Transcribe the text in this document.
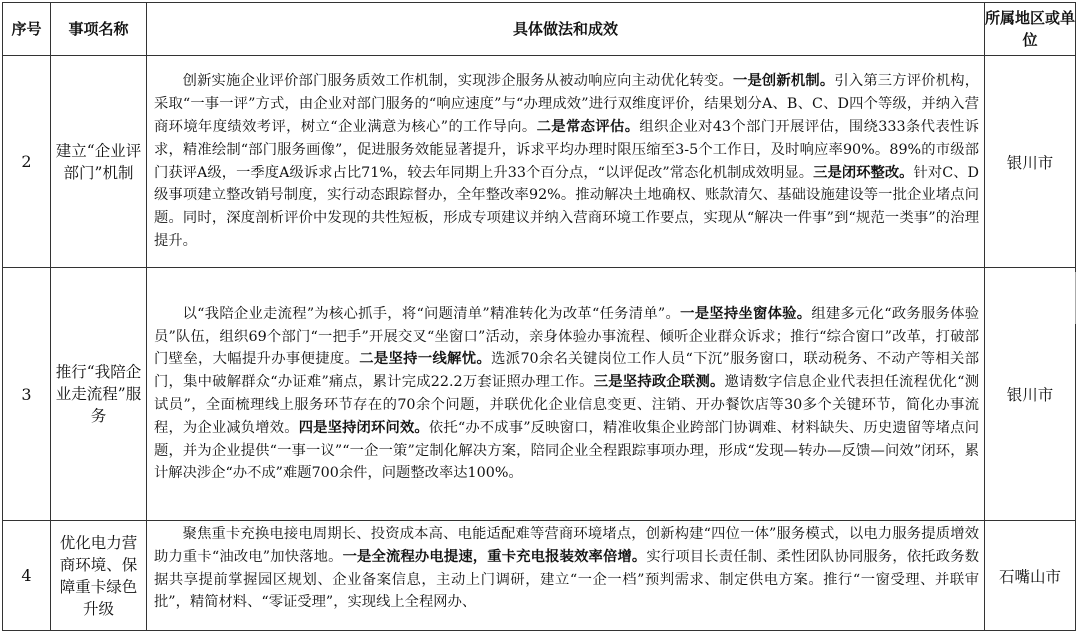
序号	事项名称	具体做法和成效	所属地区或单位
2	建立“企业评部门”机制	创新实施企业评价部门服务质效工作机制，实现涉企服务从被动响应向主动优化转变。一是创新机制。引入第三方评价机构，采取“一事一评”方式，由企业对部门服务的“响应速度”与“办理成效”进行双维度评价，结果划分A、B、C、D四个等级，并纳入营商环境年度绩效考评，树立“企业满意为核心”的工作导向。二是常态评估。组织企业对43个部门开展评估，围绕333条代表性诉求，精准绘制“部门服务画像”，促进服务效能显著提升，诉求平均办理时限压缩至3-5个工作日，及时响应率90%。89%的市级部门获评A级，一季度A级诉求占比71%，较去年同期上升33个百分点，“以评促改”常态化机制成效明显。三是闭环整改。针对C、D级事项建立整改销号制度，实行动态跟踪督办，全年整改率92%。推动解决土地确权、账款清欠、基础设施建设等一批企业堵点问题。同时，深度剖析评价中发现的共性短板，形成专项建议并纳入营商环境工作要点，实现从“解决一件事”到“规范一类事”的治理提升。	银川市
3	推行“我陪企业走流程”服务	以“我陪企业走流程”为核心抓手，将“问题清单”精准转化为改革“任务清单”。一是坚持坐窗体验。组建多元化“政务服务体验员”队伍，组织69个部门“一把手”开展交叉“坐窗口”活动，亲身体验办事流程、倾听企业群众诉求；推行“综合窗口”改革，打破部门壁垒，大幅提升办事便捷度。二是坚持一线解忧。选派70余名关键岗位工作人员“下沉”服务窗口，联动税务、不动产等相关部门，集中破解群众“办证难”痛点，累计完成22.2万套证照办理工作。三是坚持政企联测。邀请数字信息企业代表担任流程优化“测试员”，全面梳理线上服务环节存在的70余个问题，并联优化企业信息变更、注销、开办餐饮店等30多个关键环节，简化办事流程，为企业减负增效。四是坚持闭环问效。依托“办不成事”反映窗口，精准收集企业跨部门协调难、材料缺失、历史遗留等堵点问题，并为企业提供“一事一议”“一企一策”定制化解决方案，陪同企业全程跟踪事项办理，形成“发现—转办—反馈—问效”闭环，累计解决涉企“办不成”难题700余件，问题整改率达100%。	银川市
4	优化电力营商环境、保障重卡绿色升级	聚焦重卡充换电接电周期长、投资成本高、电能适配难等营商环境堵点，创新构建“四位一体”服务模式，以电力服务提质增效助力重卡“油改电”加快落地。一是全流程办电提速，重卡充电报装效率倍增。实行项目长责任制、柔性团队协同服务，依托政务数据共享提前掌握园区规划、企业备案信息，主动上门调研，建立“一企一档”预判需求、制定供电方案。推行“一窗受理、并联审批”，精简材料、“零证受理”，实现线上全程网办、	石嘴山市
